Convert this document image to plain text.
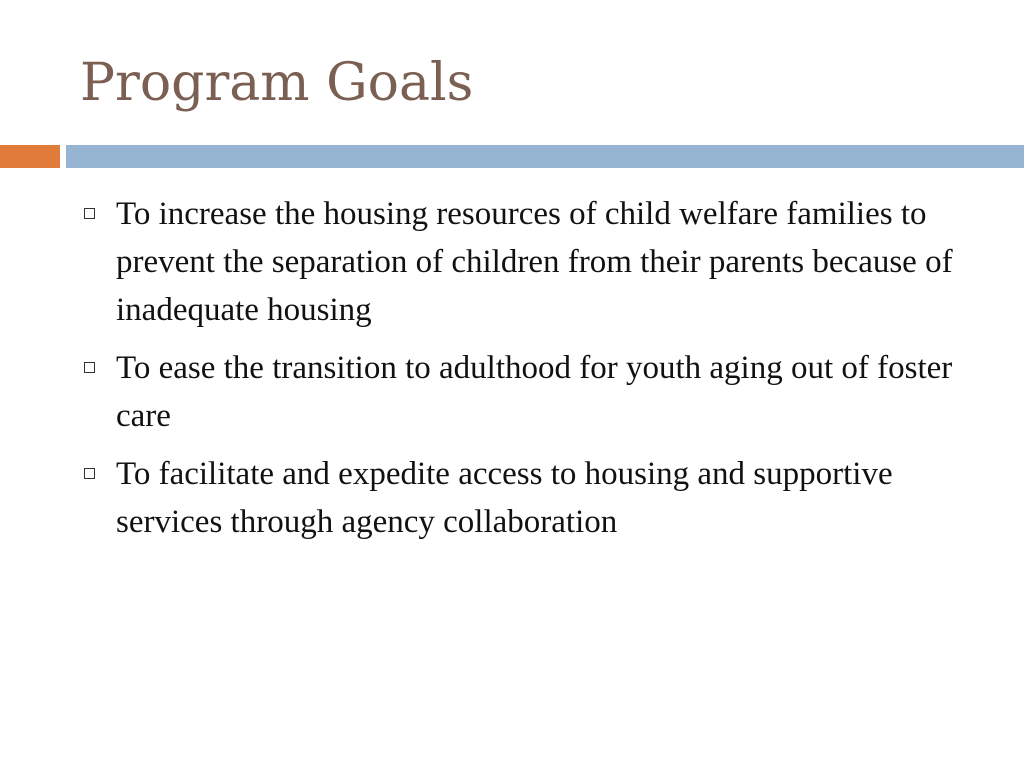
Program Goals
To increase the housing resources of child welfare families to prevent the separation of children from their parents because of inadequate housing
To ease the transition to adulthood for youth aging out of foster care
To facilitate and expedite access to housing and supportive services through agency collaboration
